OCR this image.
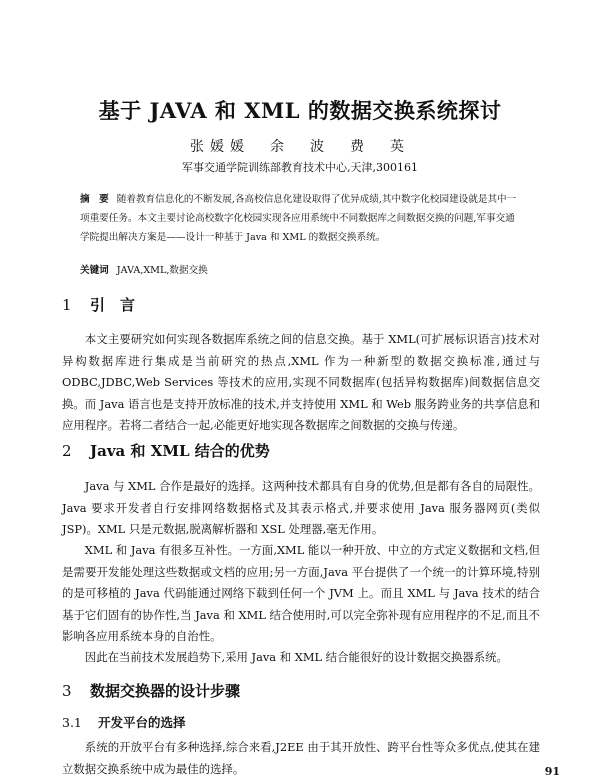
基于 JAVA 和 XML 的数据交换系统探讨
张媛媛　余　波　费　英
军事交通学院训练部教育技术中心,天津,300161
摘　要 随着教育信息化的不断发展,各高校信息化建设取得了优异成绩,其中数字化校园建设就是其中一项重要任务。本文主要讨论高校数字化校园实现各应用系统中不同数据库之间数据交换的问题,军事交通学院提出解决方案是——设计一种基于 Java 和 XML 的数据交换系统。
关键词 JAVA,XML,数据交换
1 引　言

本文主要研究如何实现各数据库系统之间的信息交换。基于 XML(可扩展标识语言)技术对异构数据库进行集成是当前研究的热点,XML 作为一种新型的数据交换标准,通过与 ODBC,JDBC,Web Services 等技术的应用,实现不同数据库(包括异构数据库)间数据信息交换。而 Java 语言也是支持开放标准的技术,并支持使用 XML 和 Web 服务跨业务的共享信息和应用程序。若将二者结合一起,必能更好地实现各数据库之间数据的交换与传递。

2 Java 和 XML 结合的优势

Java 与 XML 合作是最好的选择。这两种技术都具有自身的优势,但是都有各自的局限性。Java 要求开发者自行安排网络数据格式及其表示格式,并要求使用 Java 服务器网页(类似 JSP)。XML 只是元数据,脱离解析器和 XSL 处理器,毫无作用。

XML 和 Java 有很多互补性。一方面,XML 能以一种开放、中立的方式定义数据和文档,但是需要开发能处理这些数据或文档的应用;另一方面,Java 平台提供了一个统一的计算环境,特别的是可移植的 Java 代码能通过网络下载到任何一个 JVM 上。而且 XML 与 Java 技术的结合基于它们固有的协作性,当 Java 和 XML 结合使用时,可以完全弥补现有应用程序的不足,而且不影响各应用系统本身的自治性。

因此在当前技术发展趋势下,采用 Java 和 XML 结合能很好的设计数据交换器系统。

3 数据交换器的设计步骤
3.1 开发平台的选择

系统的开放平台有多种选择,综合来看,J2EE 由于其开放性、跨平台性等众多优点,使其在建立数据交换系统中成为最佳的选择。	91
